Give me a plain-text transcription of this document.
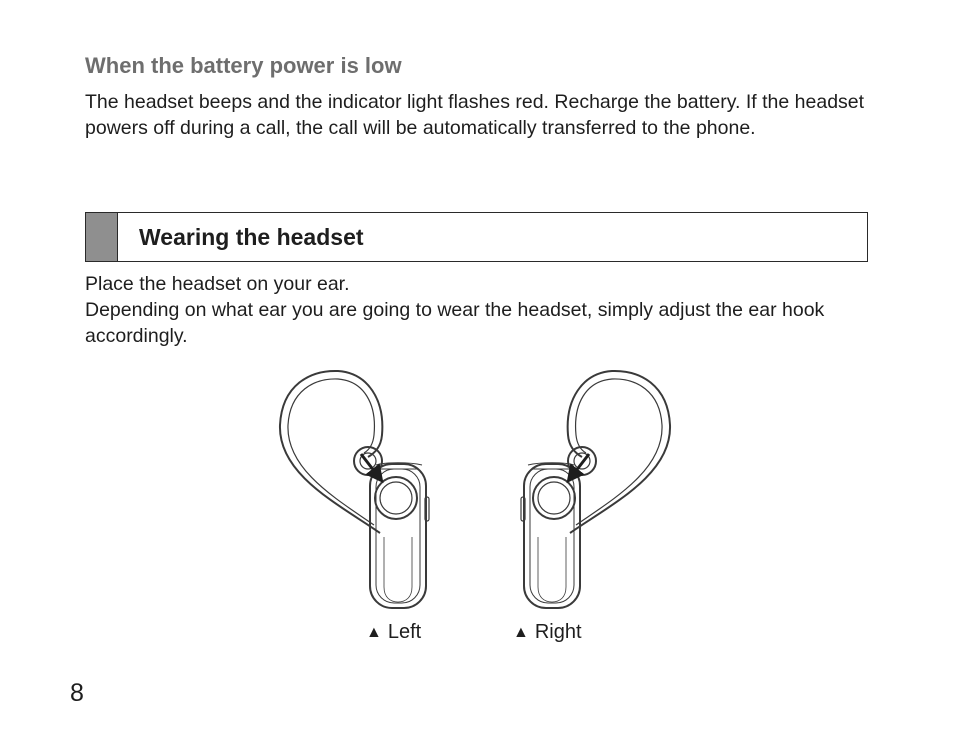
When the battery power is low

The headset beeps and the indicator light flashes red. Recharge the battery. If the headset powers off during a call, the call will be automatically transferred to the phone.

Wearing the headset

Place the headset on your ear.

Depending on what ear you are going to wear the headset, simply adjust the ear hook accordingly.

▲ Left	▲ Right
8
